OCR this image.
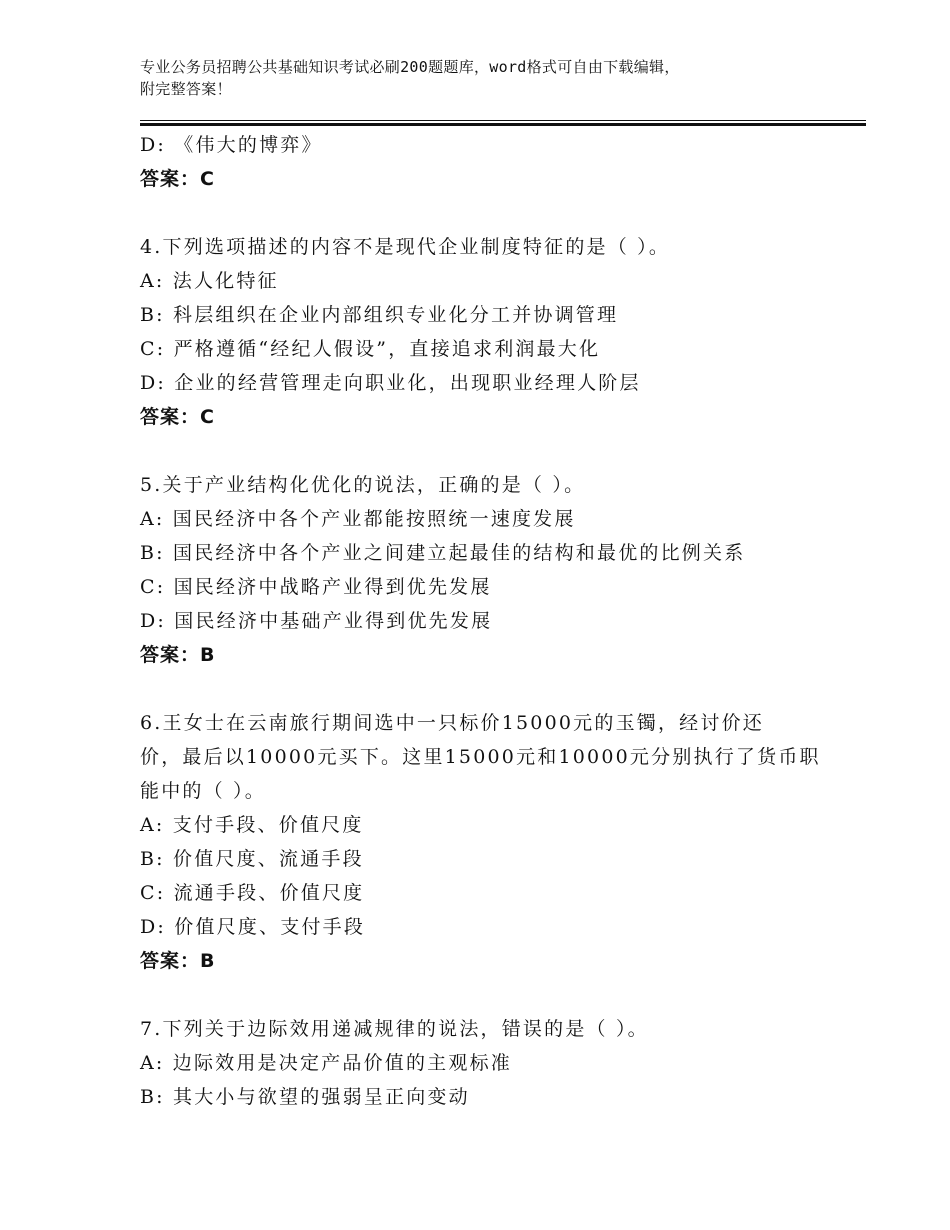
专业公务员招聘公共基础知识考试必刷200题题库，word格式可自由下载编辑，
附完整答案！
D: 《伟大的博弈》
答案：C
4.下列选项描述的内容不是现代企业制度特征的是（ ）。
A: 法人化特征
B: 科层组织在企业内部组织专业化分工并协调管理
C: 严格遵循“经纪人假设”，直接追求利润最大化
D: 企业的经营管理走向职业化，出现职业经理人阶层
答案：C
5.关于产业结构化优化的说法，正确的是（ ）。
A: 国民经济中各个产业都能按照统一速度发展
B: 国民经济中各个产业之间建立起最佳的结构和最优的比例关系
C: 国民经济中战略产业得到优先发展
D: 国民经济中基础产业得到优先发展
答案：B
6.王女士在云南旅行期间选中一只标价15000元的玉镯，经讨价还
价，最后以10000元买下。这里15000元和10000元分别执行了货币职
能中的（ ）。
A: 支付手段、价值尺度
B: 价值尺度、流通手段
C: 流通手段、价值尺度
D: 价值尺度、支付手段
答案：B
7.下列关于边际效用递减规律的说法，错误的是（ ）。
A: 边际效用是决定产品价值的主观标准
B: 其大小与欲望的强弱呈正向变动
